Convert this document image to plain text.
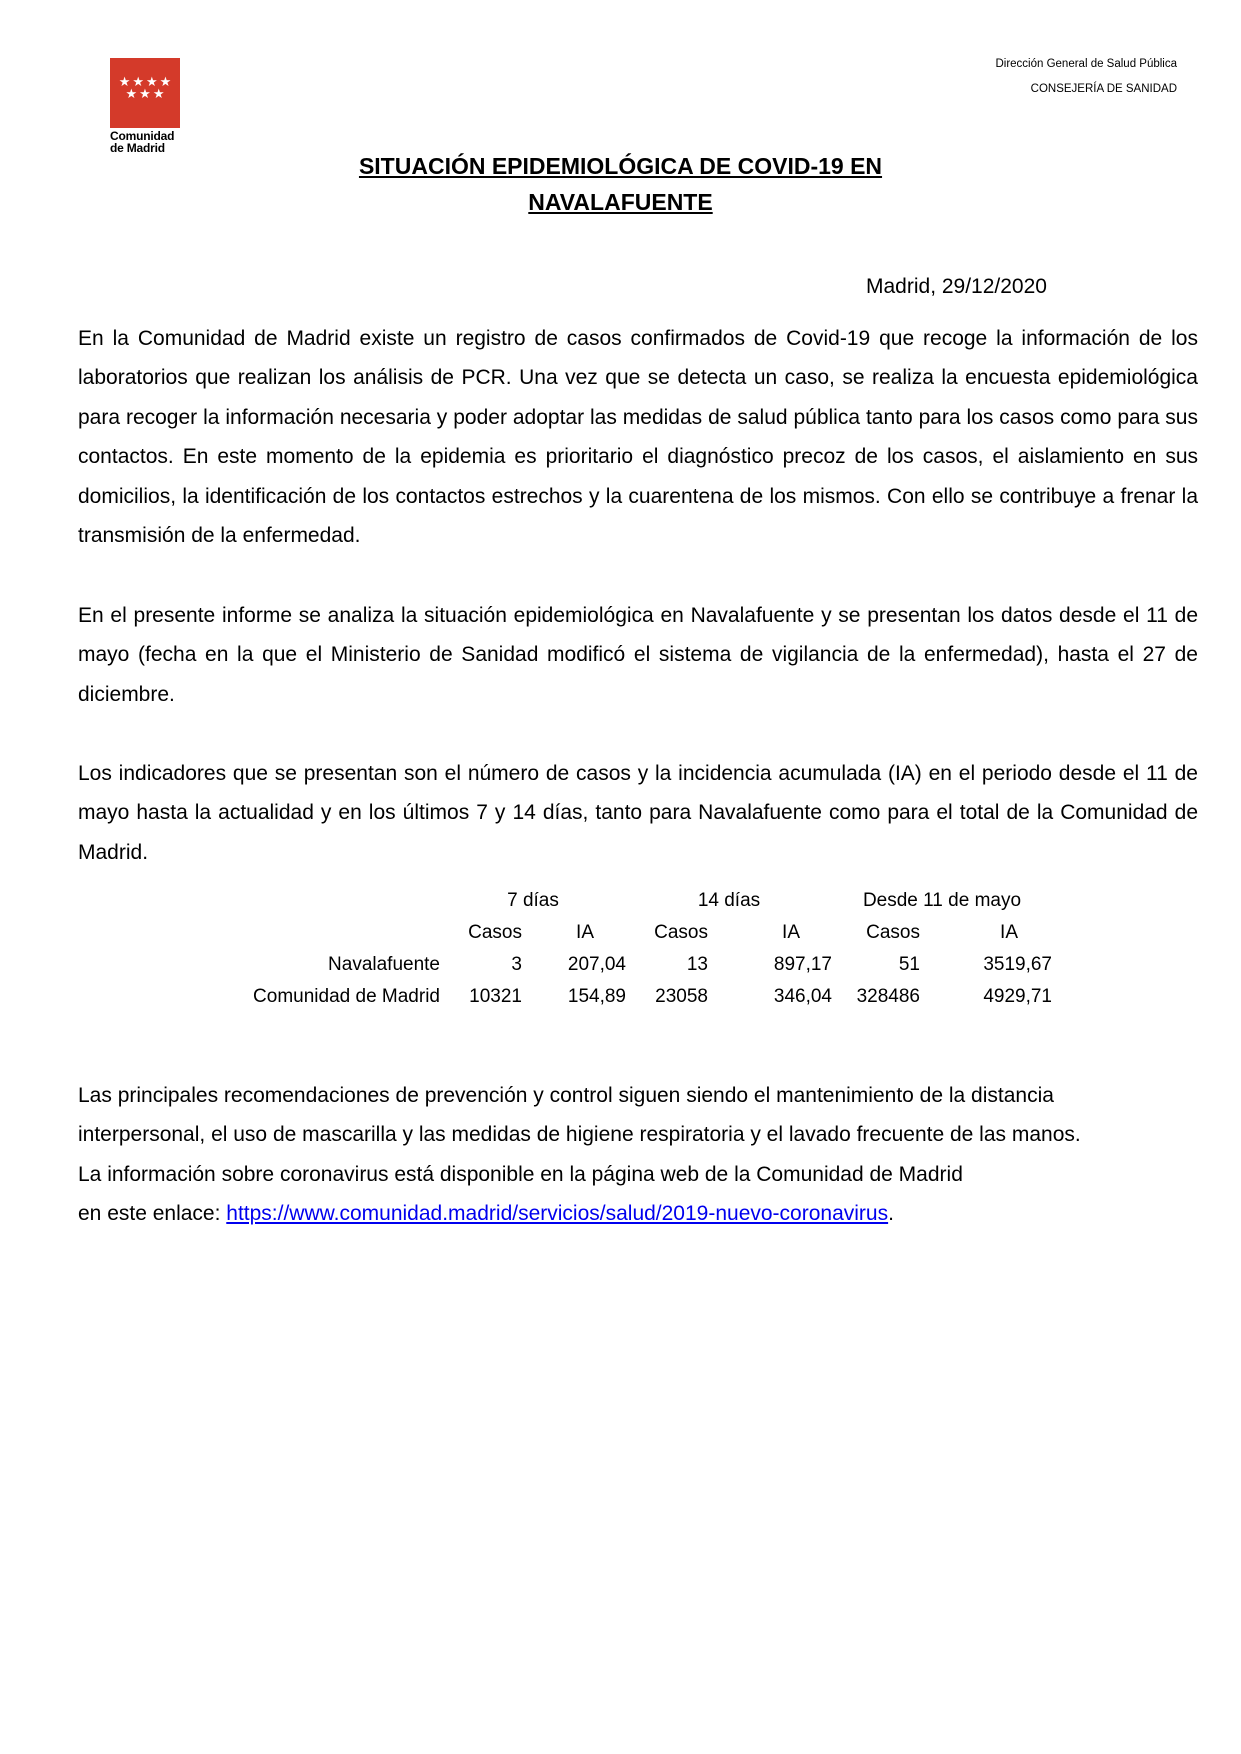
★ ★ ★ ★
★ ★ ★
Comunidad
de Madrid
Dirección General de Salud Pública
CONSEJERÍA DE SANIDAD
SITUACIÓN EPIDEMIOLÓGICA DE COVID-19 EN
NAVALAFUENTE
Madrid, 29/12/2020
En la Comunidad de Madrid existe un registro de casos confirmados de Covid-19 que recoge la información de los laboratorios que realizan los análisis de PCR. Una vez que se detecta un caso, se realiza la encuesta epidemiológica para recoger la información necesaria y poder adoptar las medidas de salud pública tanto para los casos como para sus contactos. En este momento de la epidemia es prioritario el diagnóstico precoz de los casos, el aislamiento en sus domicilios, la identificación de los contactos estrechos y la cuarentena de los mismos. Con ello se contribuye a frenar la transmisión de la enfermedad.
En el presente informe se analiza la situación epidemiológica en Navalafuente y se presentan los datos desde el 11 de mayo (fecha en la que el Ministerio de Sanidad modificó el sistema de vigilancia de la enfermedad), hasta el 27 de diciembre.
Los indicadores que se presentan son el número de casos y la incidencia acumulada (IA) en el periodo desde el 11 de mayo hasta la actualidad y en los últimos 7 y 14 días, tanto para Navalafuente como para el total de la Comunidad de Madrid.
	7 días		14 días		Desde 11 de mayo	
	Casos	IA	Casos	IA	Casos	IA
Navalafuente	3	207,04	13	897,17	51	3519,67
Comunidad de Madrid	10321	154,89	23058	346,04	328486	4929,71
Las principales recomendaciones de prevención y control siguen siendo el mantenimiento de la distancia
interpersonal, el uso de mascarilla y las medidas de higiene respiratoria y el lavado frecuente de las manos.
La información sobre coronavirus está disponible en la página web de la Comunidad de Madrid
en este enlace: https://www.comunidad.madrid/servicios/salud/2019-nuevo-coronavirus.
